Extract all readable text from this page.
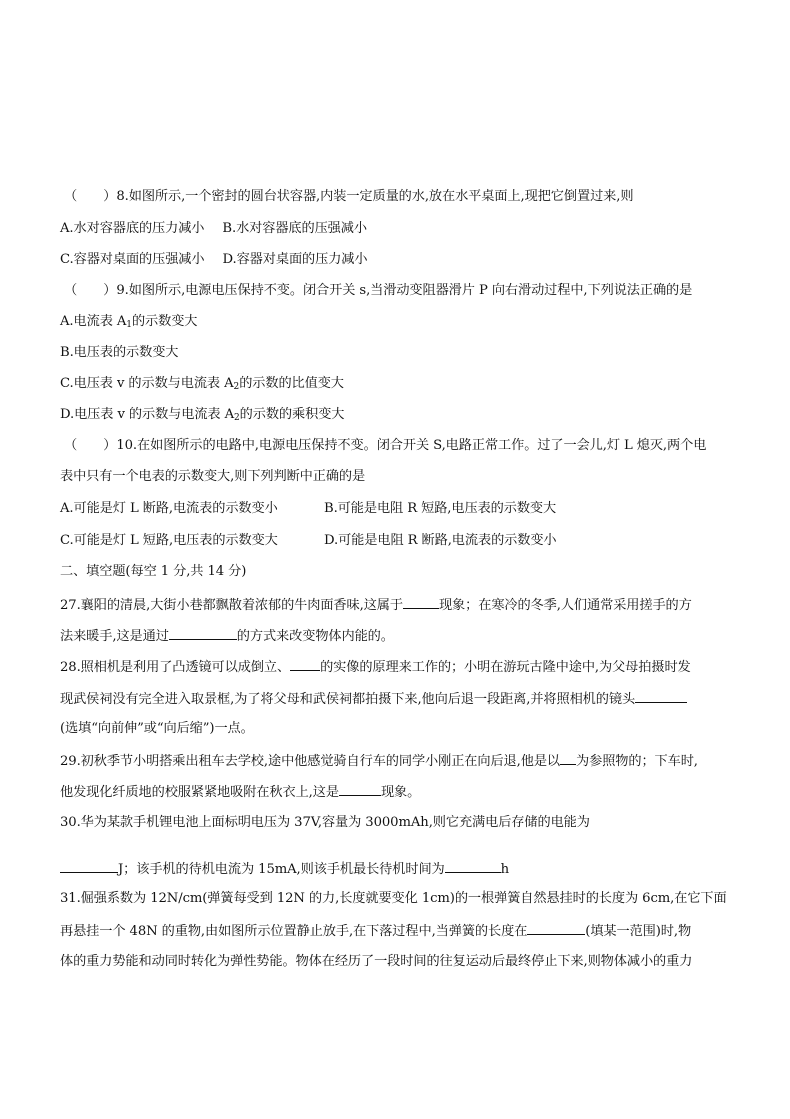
（　　）8.如图所示,一个密封的圆台状容器,内装一定质量的水,放在水平桌面上,现把它倒置过来,则
A.水对容器底的压力减小 B.水对容器底的压强减小
C.容器对桌面的压强减小 D.容器对桌面的压力减小
（　　）9.如图所示,电源电压保持不变。闭合开关 s,当滑动变阻器滑片 P 向右滑动过程中,下列说法正确的是
A.电流表 $A_1$的示数变大
B.电压表的示数变大
C.电压表 v 的示数与电流表 $A_2$的示数的比值变大
D.电压表 v 的示数与电流表 $A_2$的示数的乘积变大
（　　）10.在如图所示的电路中,电源电压保持不变。闭合开关 S,电路正常工作。过了一会儿,灯 L 熄灭,两个电
表中只有一个电表的示数变大,则下列判断中正确的是
A.可能是灯 L 断路,电流表的示数变小	B.可能是电阻 R 短路,电压表的示数变大
C.可能是灯 L 短路,电压表的示数变大	D.可能是电阻 R 断路,电流表的示数变小
二、填空题(每空 1 分,共 14 分)
27.襄阳的清晨,大街小巷都飘散着浓郁的牛肉面香味,这属于	现象；在寒冷的冬季,人们通常采用搓手的方
法来暖手,这是通过	的方式来改变物体内能的。
28.照相机是利用了凸透镜可以成倒立、 的实像的原理来工作的；小明在游玩古隆中途中,为父母拍摄时发
现武侯祠没有完全进入取景框,为了将父母和武侯祠都拍摄下来,他向后退一段距离,并将照相机的镜头
(选填“向前伸”或“向后缩”)一点。
29.初秋季节小明搭乘出租车去学校,途中他感觉骑自行车的同学小刚正在向后退,他是以 为参照物的；下车时,
他发现化纤质地的校服紧紧地吸附在秋衣上,这是	现象。
30.华为某款手机锂电池上面标明电压为 37V,容量为 3000mAh,则它充满电后存储的电能为
J；该手机的待机电流为 15mA,则该手机最长待机时间为	h
31.倔强系数为 12N/cm(弹簧每受到 12N 的力,长度就要变化 1cm)的一根弹簧自然悬挂时的长度为 6cm,在它下面
再悬挂一个 48N 的重物,由如图所示位置静止放手,在下落过程中,当弹簧的长度在	(填某一范围)时,物
体的重力势能和动同时转化为弹性势能。物体在经历了一段时间的往复运动后最终停止下来,则物体减小的重力
